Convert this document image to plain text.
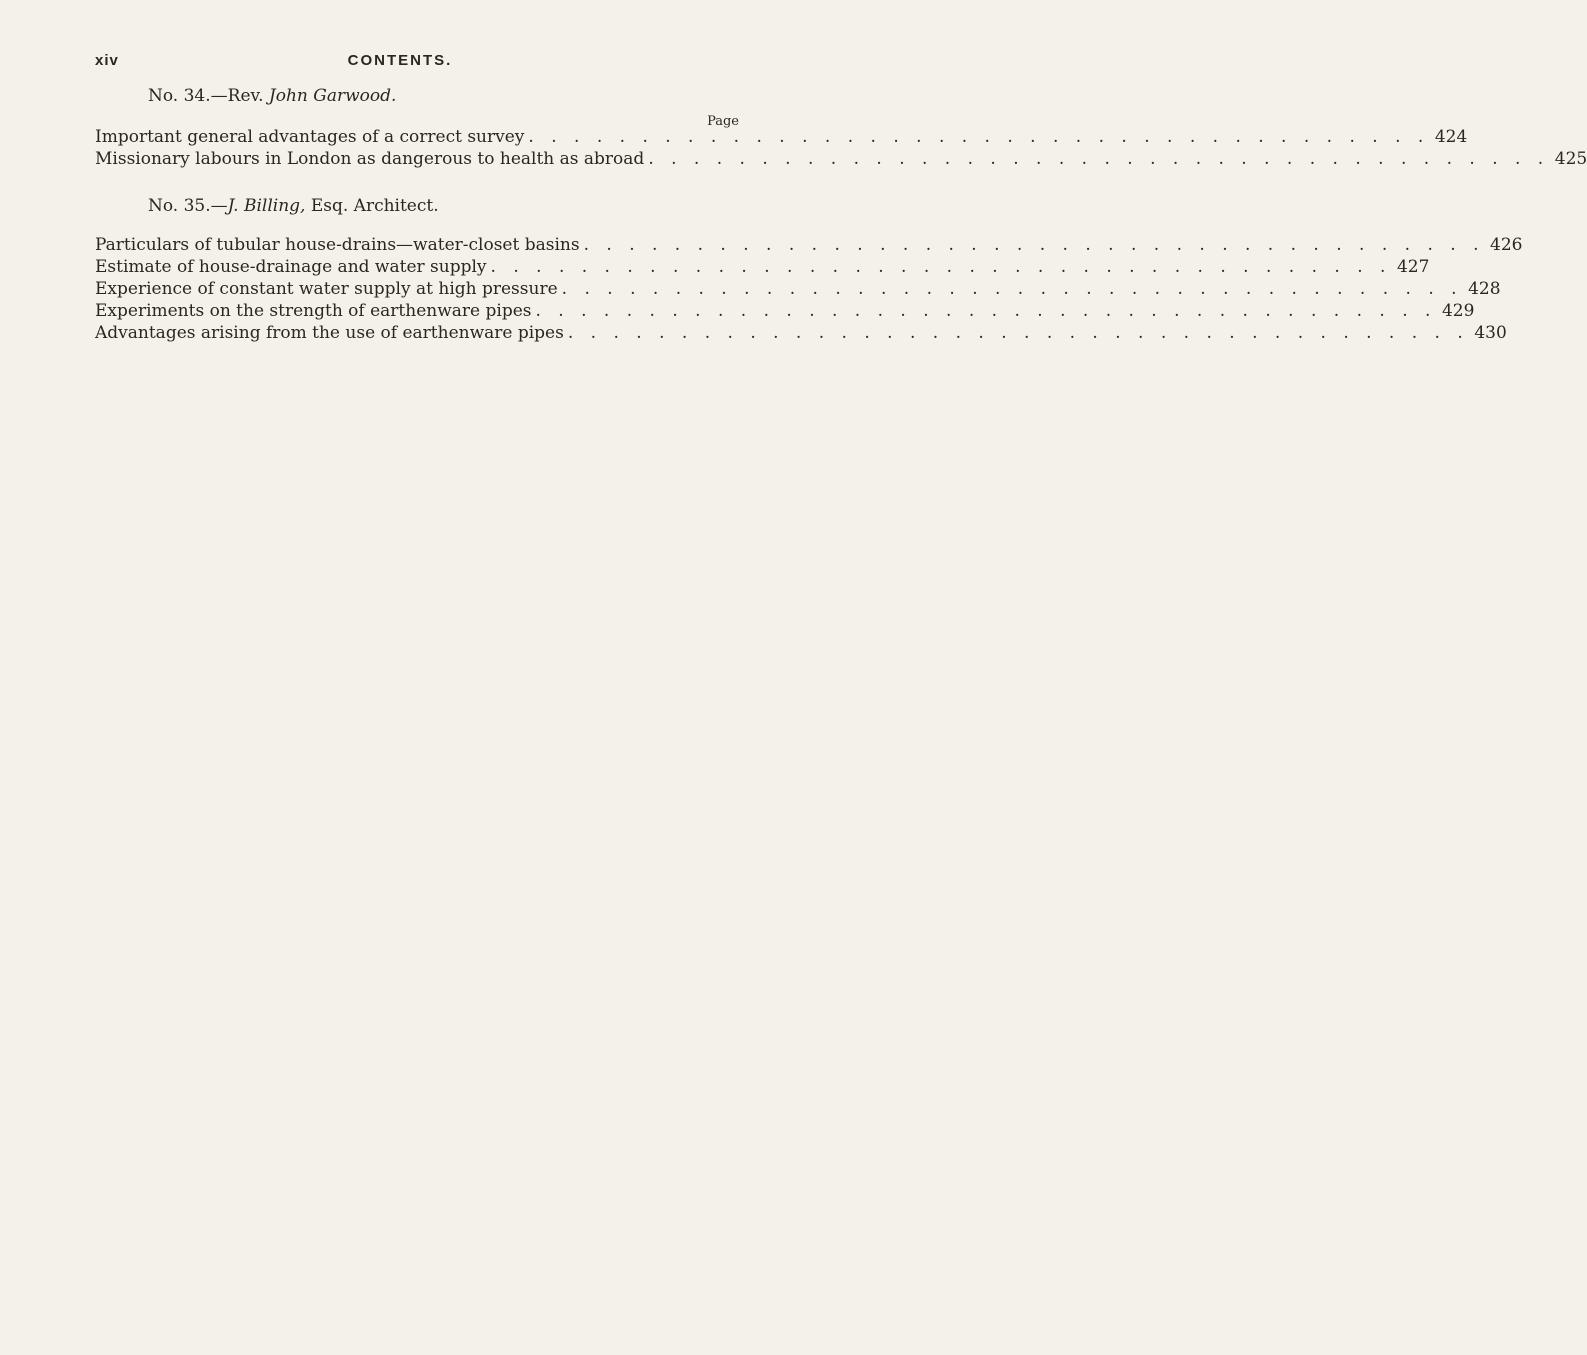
xiv	CONTENTS.
No. 34.—Rev. John Garwood.
Page
Important general advantages of a correct survey . . . . . . . . . . . . . . . . . . . . . . . . . . . . . . . . . . . . . . . . 424
Missionary labours in London as dangerous to health as abroad . . . . . . . . . . . . . . . . . . . . . . . . . . . . . . . . . . . . . . . . 425
No. 35.—J. Billing, Esq. Architect.
Particulars of tubular house-drains—water-closet basins . . . . . . . . . . . . . . . . . . . . . . . . . . . . . . . . . . . . . . . . 426
Estimate of house-drainage and water supply . . . . . . . . . . . . . . . . . . . . . . . . . . . . . . . . . . . . . . . . 427
Experience of constant water supply at high pressure . . . . . . . . . . . . . . . . . . . . . . . . . . . . . . . . . . . . . . . . 428
Experiments on the strength of earthenware pipes . . . . . . . . . . . . . . . . . . . . . . . . . . . . . . . . . . . . . . . . 429
Advantages arising from the use of earthenware pipes . . . . . . . . . . . . . . . . . . . . . . . . . . . . . . . . . . . . . . . . 430
